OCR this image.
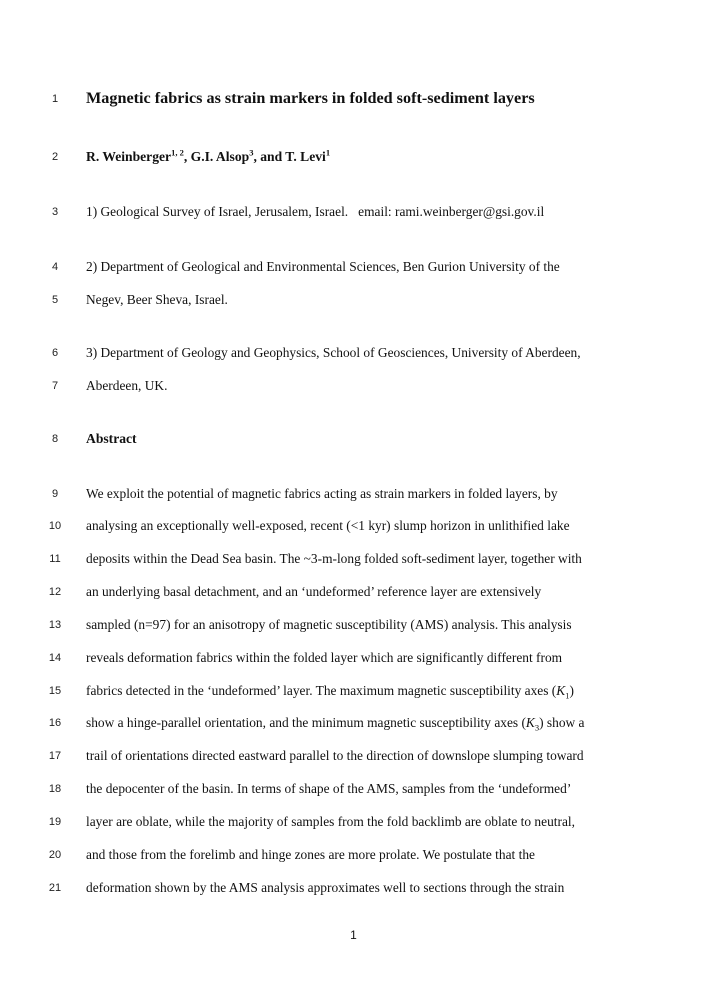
1	Magnetic fabrics as strain markers in folded soft-sediment layers
2	R. Weinberger$^{1, 2}$, G.I. Alsop$^3$, and T. Levi$^1$
3	1) Geological Survey of Israel, Jerusalem, Israel.   email: rami.weinberger@gsi.gov.il
4	2) Department of Geological and Environmental Sciences, Ben Gurion University of the
5	Negev, Beer Sheva, Israel.
6	3) Department of Geology and Geophysics, School of Geosciences, University of Aberdeen,
7	Aberdeen, UK.
8	Abstract
9	We exploit the potential of magnetic fabrics acting as strain markers in folded layers, by
10	analysing an exceptionally well-exposed, recent (<1 kyr) slump horizon in unlithified lake
11	deposits within the Dead Sea basin. The ~3-m-long folded soft-sediment layer, together with
12	an underlying basal detachment, and an ‘undeformed’ reference layer are extensively
13	sampled (n=97) for an anisotropy of magnetic susceptibility (AMS) analysis. This analysis
14	reveals deformation fabrics within the folded layer which are significantly different from
15	fabrics detected in the ‘undeformed’ layer. The maximum magnetic susceptibility axes $(K_1)$
16	show a hinge-parallel orientation, and the minimum magnetic susceptibility axes $(K_3)$ show a
17	trail of orientations directed eastward parallel to the direction of downslope slumping toward
18	the depocenter of the basin. In terms of shape of the AMS, samples from the ‘undeformed’
19	layer are oblate, while the majority of samples from the fold backlimb are oblate to neutral,
20	and those from the forelimb and hinge zones are more prolate. We postulate that the
21	deformation shown by the AMS analysis approximates well to sections through the strain
1
